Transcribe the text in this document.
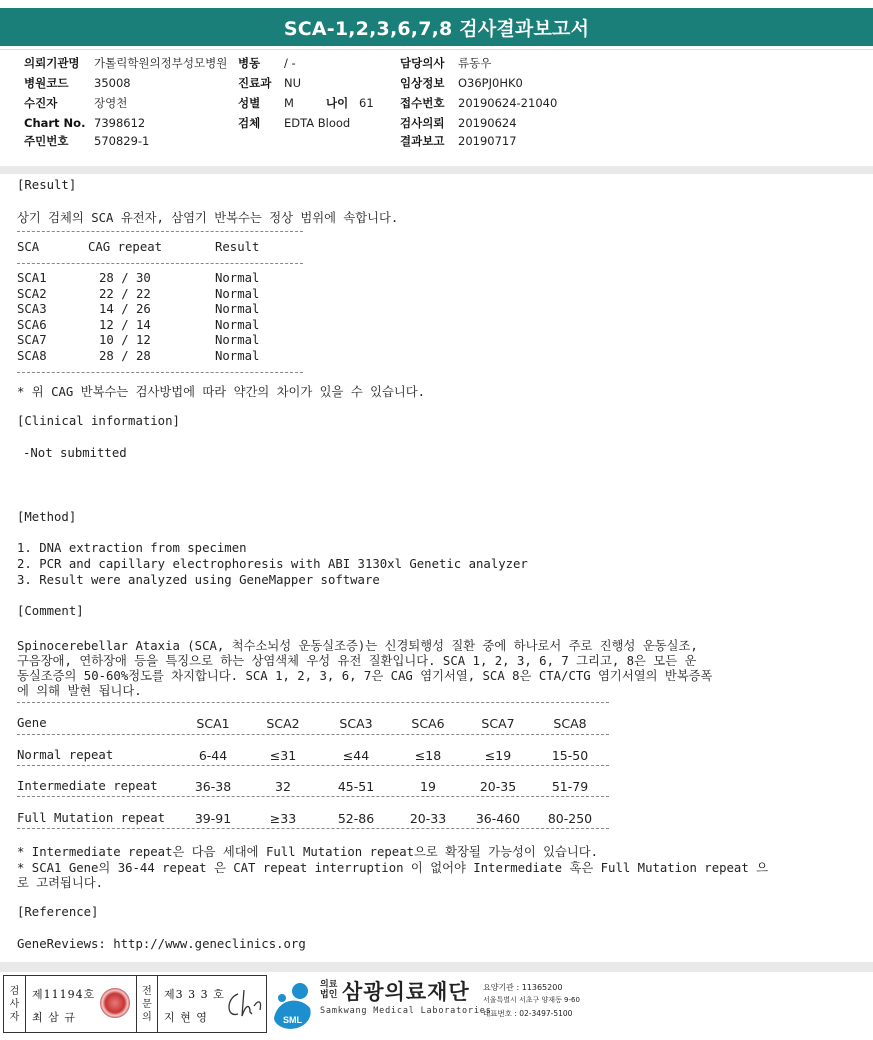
SCA-1,2,3,6,7,8 검사결과보고서
의뢰기관명 가톨릭학원의정부성모병원 병동 / -	담당의사 류동우
병원코드 35008	진료과 NU	임상정보 O36PJ0HK0
수진자	장영천	성별 M	나이 61 접수번호 20190624-21040
Chart No. 7398612	검체 EDTA Blood	검사의뢰 20190624
주민번호 570829-1	결과보고 20190717
[Result]
상기 검체의 SCA 유전자, 삼염기 반복수는 정상 범위에 속합니다.
SCA	CAG repeat	Result
SCA1	28 / 30	Normal
SCA2	22 / 22	Normal
SCA3	14 / 26	Normal
SCA6	12 / 14	Normal
SCA7	10 / 12	Normal
SCA8	28 / 28	Normal
* 위 CAG 반복수는 검사방법에 따라 약간의 차이가 있을 수 있습니다.
[Clinical information]
-Not submitted
[Method]
1. DNA extraction from specimen
2. PCR and capillary electrophoresis with ABI 3130xl Genetic analyzer
3. Result were analyzed using GeneMapper software
[Comment]
Spinocerebellar Ataxia (SCA, 척수소뇌성 운동실조증)는 신경퇴행성 질환 중에 하나로서 주로 진행성 운동실조,
구음장애, 연하장애 등을 특징으로 하는 상염색체 우성 유전 질환입니다. SCA 1, 2, 3, 6, 7 그리고, 8은 모든 운
동실조증의 50-60%정도를 차지합니다. SCA 1, 2, 3, 6, 7은 CAG 염기서열, SCA 8은 CTA/CTG 염기서열의 반복증폭
에 의해 발현 됩니다.
Gene	SCA1	SCA2	SCA3	SCA6	SCA7	SCA8
Normal repeat	6-44	≤31	≤44	≤18	≤19	15-50
Intermediate repeat	36-38	32	45-51	19	20-35	51-79
Full Mutation repeat	39-91	≥33	52-86	20-33	36-460	80-250
* Intermediate repeat은 다음 세대에 Full Mutation repeat으로 확장될 가능성이 있습니다.
* SCA1 Gene의 36-44 repeat 은 CAT repeat interruption 이 없어야 Intermediate 혹은 Full Mutation repeat 으
로 고려됩니다.
[Reference]
GeneReviews: http://www.geneclinics.org
검
사
자
제11194호
최 삼 규
전
문
의
제3 3 3 호
지 현 영	SML
의료
법인 삼광의료재단
Samkwang Medical Laboratories
요양기관 : 11365200
서울특별시 서초구 양재동 9-60
대표번호 : 02-3497-5100
